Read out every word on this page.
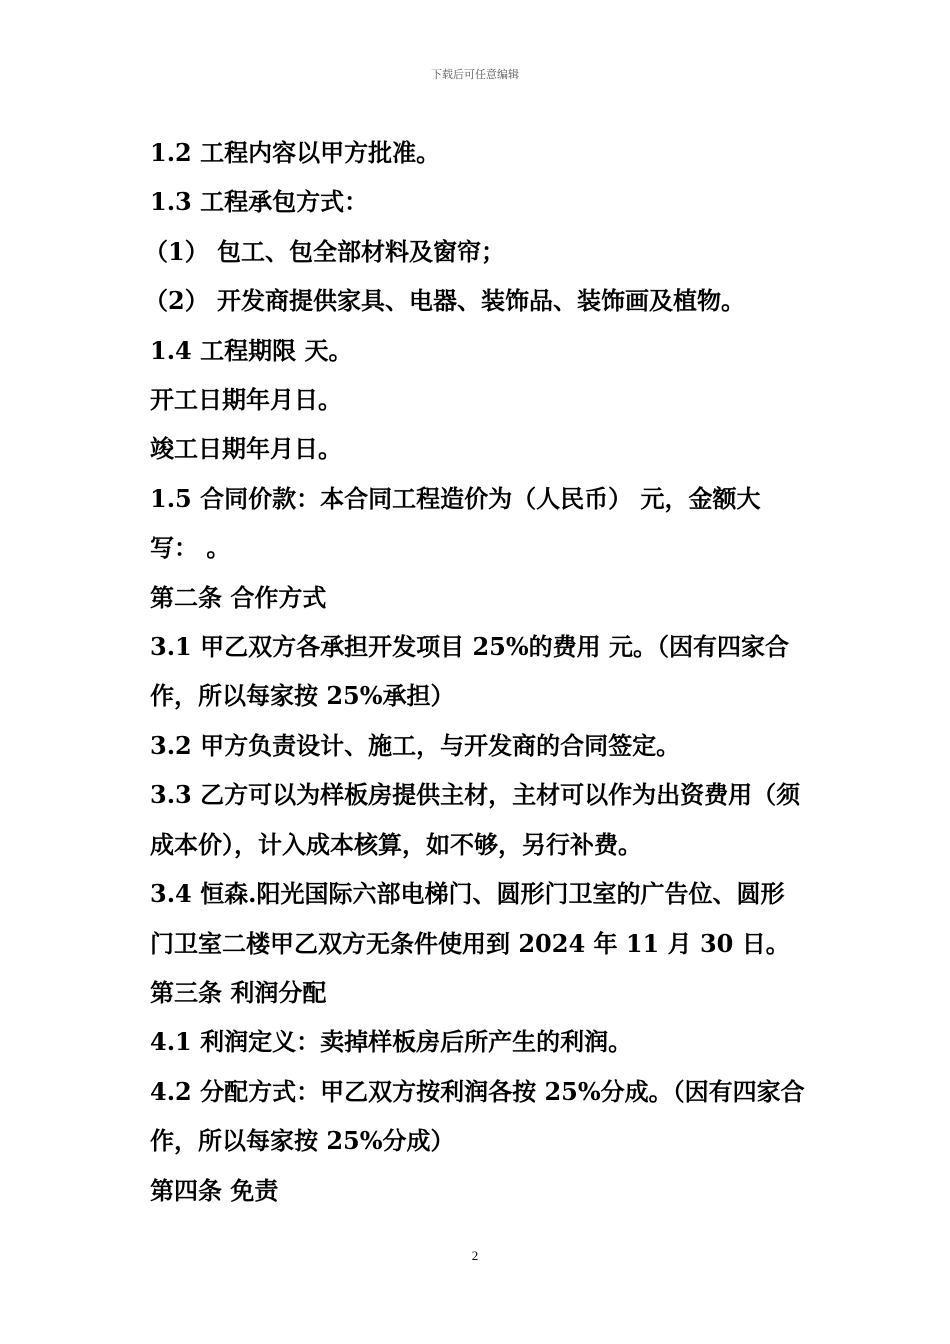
下载后可任意编辑

1.2 工程内容以甲方批准。

1.3 工程承包方式：

（1） 包工、包全部材料及窗帘；

（2） 开发商提供家具、电器、装饰品、装饰画及植物。

1.4 工程期限 天。

开工日期年月日。

竣工日期年月日。

1.5 合同价款：本合同工程造价为（人民币） 元，金额大写： 。

第二条 合作方式

3.1 甲乙双方各承担开发项目 25%的费用 元。（因有四家合作，所以每家按 25%承担）

3.2 甲方负责设计、施工，与开发商的合同签定。

3.3 乙方可以为样板房提供主材，主材可以作为出资费用（须成本价），计入成本核算，如不够，另行补费。

3.4 恒森.阳光国际六部电梯门、圆形门卫室的广告位、圆形门卫室二楼甲乙双方无条件使用到 2024 年 11 月 30 日。

第三条 利润分配

4.1 利润定义：卖掉样板房后所产生的利润。

4.2 分配方式：甲乙双方按利润各按 25%分成。（因有四家合作，所以每家按 25%分成）

第四条 免责

2
